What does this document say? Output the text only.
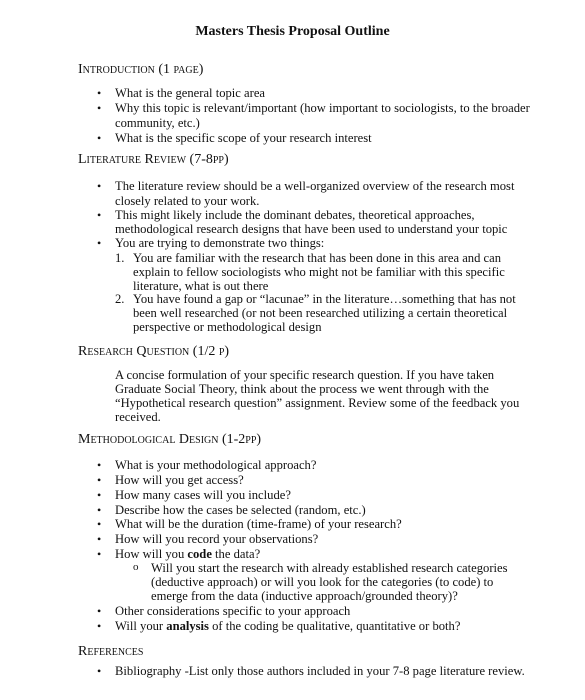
Masters Thesis Proposal Outline
Introduction (1 page)
• What is the general topic area
• Why this topic is relevant/important (how important to sociologists, to the broader
community, etc.)
• What is the specific scope of your research interest
Literature Review (7-8pp)
• The literature review should be a well-organized overview of the research most
closely related to your work.
• This might likely include the dominant debates, theoretical approaches,
methodological research designs that have been used to understand your topic
• You are trying to demonstrate two things:
1. You are familiar with the research that has been done in this area and can
explain to fellow sociologists who might not be familiar with this specific
literature, what is out there
2. You have found a gap or “lacunae” in the literature…something that has not
been well researched (or not been researched utilizing a certain theoretical
perspective or methodological design
Research Question (1/2 p)
A concise formulation of your specific research question. If you have taken
Graduate Social Theory, think about the process we went through with the
“Hypothetical research question” assignment. Review some of the feedback you
received.
Methodological Design (1-2pp)
• What is your methodological approach?
• How will you get access?
• How many cases will you include?
• Describe how the cases be selected (random, etc.)
• What will be the duration (time-frame) of your research?
• How will you record your observations?
• How will you code the data?
o Will you start the research with already established research categories
(deductive approach) or will you look for the categories (to code) to
emerge from the data (inductive approach/grounded theory)?
• Other considerations specific to your approach
• Will your analysis of the coding be qualitative, quantitative or both?
References
• Bibliography -List only those authors included in your 7-8 page literature review.
